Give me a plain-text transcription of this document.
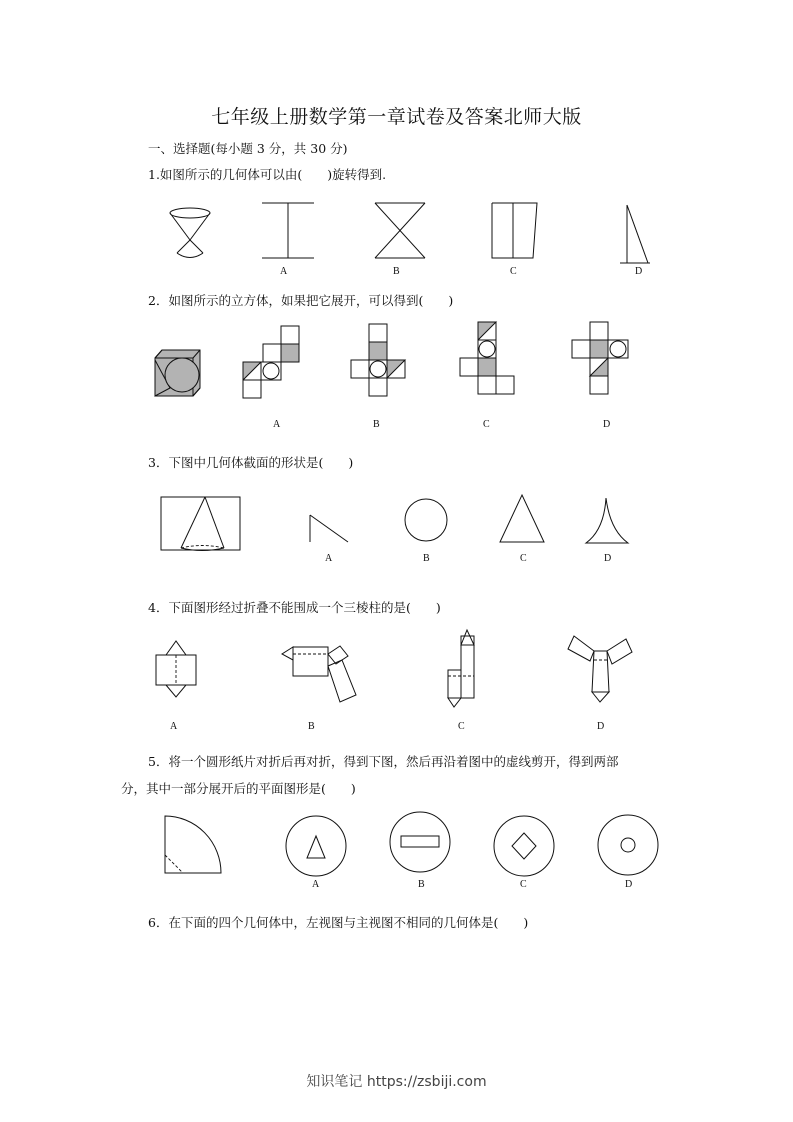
七年级上册数学第一章试卷及答案北师大版
一、选择题(每小题 3 分，共 30 分)
1.如图所示的几何体可以由(　　)旋转得到.
A	B	C	D
2．如图所示的立方体，如果把它展开，可以得到(　　)
A	B	C	D
3．下图中几何体截面的形状是(　　)
A	B	C	D
4．下面图形经过折叠不能围成一个三棱柱的是(　　)
A	B	C	D
5．将一个圆形纸片对折后再对折，得到下图，然后再沿着图中的虚线剪开，得到两部
分，其中一部分展开后的平面图形是(　　)
A	B	C	D
6．在下面的四个几何体中，左视图与主视图不相同的几何体是(　　)
知识笔记 https://zsbiji.com
